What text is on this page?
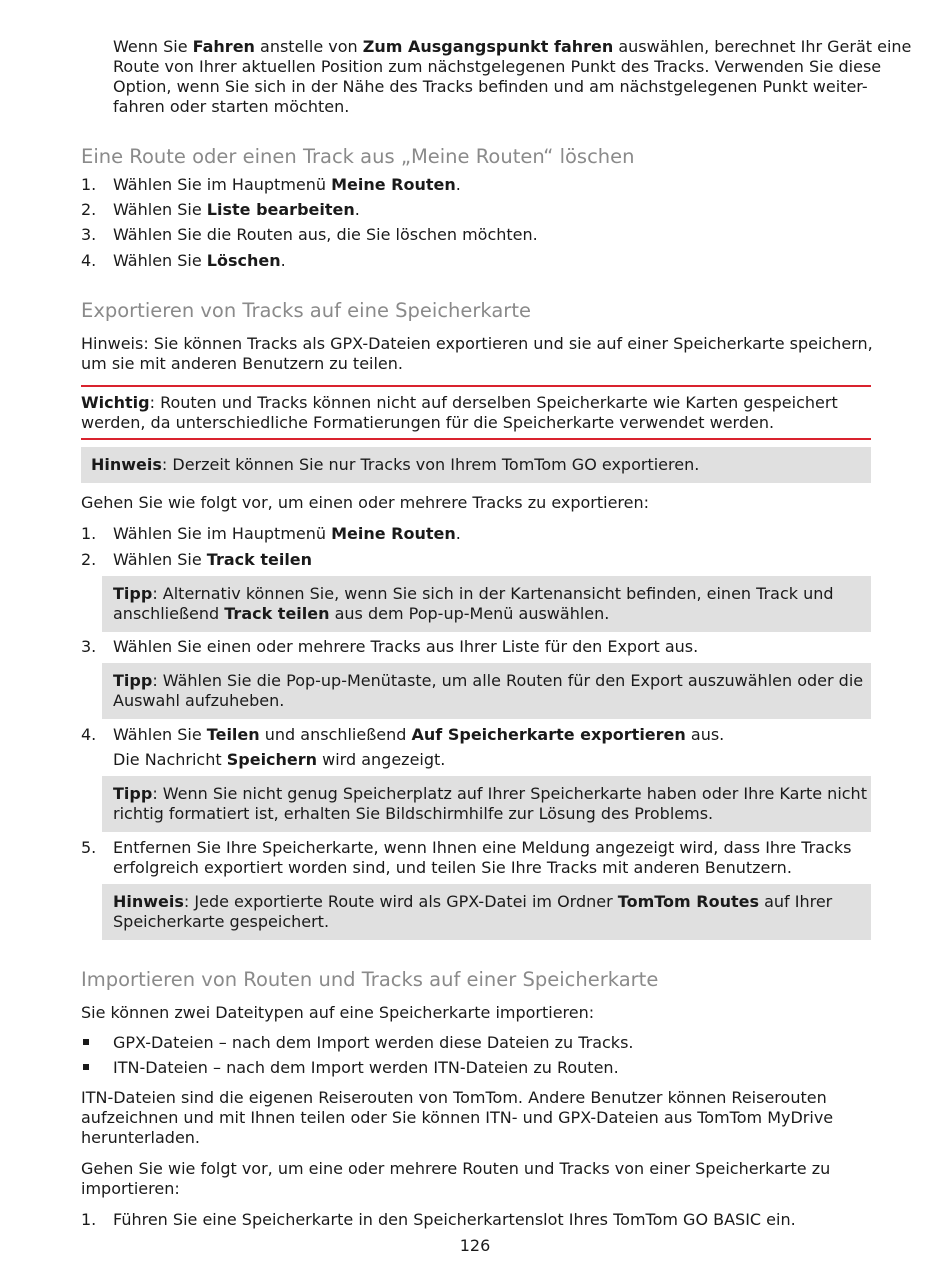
Wenn Sie Fahren anstelle von Zum Ausgangspunkt fahren auswählen, berechnet Ihr Gerät eine
Route von Ihrer aktuellen Position zum nächstgelegenen Punkt des Tracks. Verwenden Sie diese
Option, wenn Sie sich in der Nähe des Tracks befinden und am nächstgelegenen Punkt weiter-
fahren oder starten möchten.
Eine Route oder einen Track aus „Meine Routen“ löschen
1. Wählen Sie im Hauptmenü Meine Routen.
2. Wählen Sie Liste bearbeiten.
3. Wählen Sie die Routen aus, die Sie löschen möchten.
4. Wählen Sie Löschen.
Exportieren von Tracks auf eine Speicherkarte
Hinweis: Sie können Tracks als GPX-Dateien exportieren und sie auf einer Speicherkarte speichern,
um sie mit anderen Benutzern zu teilen.
Wichtig: Routen und Tracks können nicht auf derselben Speicherkarte wie Karten gespeichert
werden, da unterschiedliche Formatierungen für die Speicherkarte verwendet werden.
Hinweis: Derzeit können Sie nur Tracks von Ihrem TomTom GO exportieren.
Gehen Sie wie folgt vor, um einen oder mehrere Tracks zu exportieren:
1. Wählen Sie im Hauptmenü Meine Routen.
2. Wählen Sie Track teilen
Tipp: Alternativ können Sie, wenn Sie sich in der Kartenansicht befinden, einen Track und
anschließend Track teilen aus dem Pop-up-Menü auswählen.
3. Wählen Sie einen oder mehrere Tracks aus Ihrer Liste für den Export aus.
Tipp: Wählen Sie die Pop-up-Menütaste, um alle Routen für den Export auszuwählen oder die
Auswahl aufzuheben.
4. Wählen Sie Teilen und anschließend Auf Speicherkarte exportieren aus.
Die Nachricht Speichern wird angezeigt.
Tipp: Wenn Sie nicht genug Speicherplatz auf Ihrer Speicherkarte haben oder Ihre Karte nicht
richtig formatiert ist, erhalten Sie Bildschirmhilfe zur Lösung des Problems.
5. Entfernen Sie Ihre Speicherkarte, wenn Ihnen eine Meldung angezeigt wird, dass Ihre Tracks
erfolgreich exportiert worden sind, und teilen Sie Ihre Tracks mit anderen Benutzern.
Hinweis: Jede exportierte Route wird als GPX-Datei im Ordner TomTom Routes auf Ihrer
Speicherkarte gespeichert.
Importieren von Routen und Tracks auf einer Speicherkarte
Sie können zwei Dateitypen auf eine Speicherkarte importieren:
GPX-Dateien – nach dem Import werden diese Dateien zu Tracks.
ITN-Dateien – nach dem Import werden ITN-Dateien zu Routen.
ITN-Dateien sind die eigenen Reiserouten von TomTom. Andere Benutzer können Reiserouten
aufzeichnen und mit Ihnen teilen oder Sie können ITN- und GPX-Dateien aus TomTom MyDrive
herunterladen.
Gehen Sie wie folgt vor, um eine oder mehrere Routen und Tracks von einer Speicherkarte zu
importieren:
1. Führen Sie eine Speicherkarte in den Speicherkartenslot Ihres TomTom GO BASIC ein.
126
